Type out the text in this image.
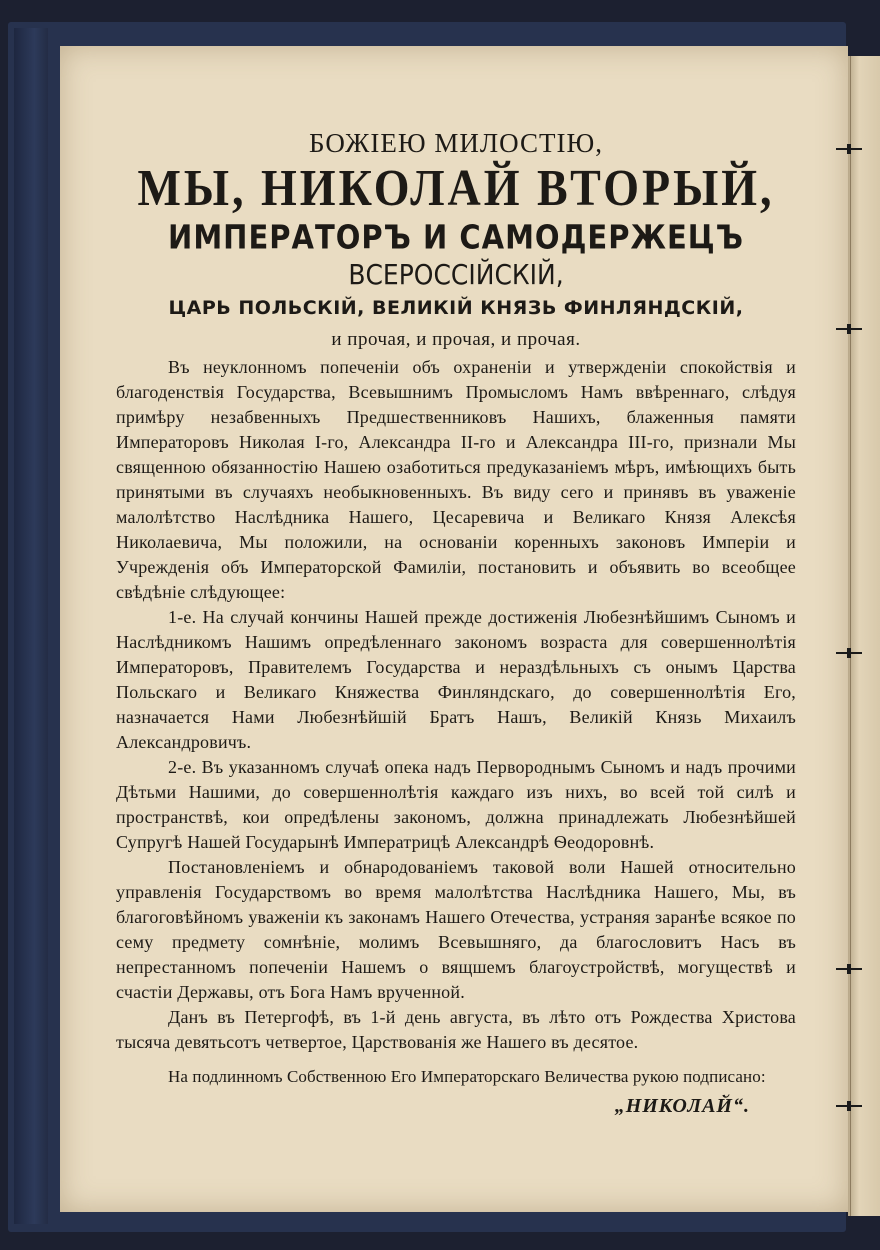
БОЖІЕЮ МИЛОСТІЮ,
МЫ, НИКОЛАЙ ВТОРЫЙ,
ИМПЕРАТОРЪ И САМОДЕРЖЕЦЪ
ВСЕРОССІЙСКІЙ,
ЦАРЬ ПОЛЬСКІЙ, ВЕЛИКІЙ КНЯЗЬ ФИНЛЯНДСКІЙ,
и прочая, и прочая, и прочая.

Въ неуклонномъ попеченіи объ охраненіи и утвержденіи спокойствія и благоденствія Государства, Всевышнимъ Промысломъ Намъ ввѣреннаго, слѣдуя примѣру незабвенныхъ Предшественниковъ Нашихъ, блаженныя памяти Императоровъ Николая I-го, Александра II-го и Александра III-го, признали Мы священною обязанностію Нашею озаботиться предуказаніемъ мѣръ, имѣющихъ быть принятыми въ случаяхъ необыкновенныхъ. Въ виду сего и принявъ въ уваженіе малолѣтство Наслѣдника Нашего, Цесаревича и Великаго Князя Алексѣя Николаевича, Мы положили, на основаніи коренныхъ законовъ Имперіи и Учрежденія объ Императорской Фамиліи, постановить и объявить во всеобщее свѣдѣніе слѣдующее:

1-е. На случай кончины Нашей прежде достиженія Любезнѣйшимъ Сыномъ и Наслѣдникомъ Нашимъ опредѣленнаго закономъ возраста для совершеннолѣтія Императоровъ, Правителемъ Государства и нераздѣльныхъ съ онымъ Царства Польскаго и Великаго Княжества Финляндскаго, до совершеннолѣтія Его, назначается Нами Любезнѣйшій Братъ Нашъ, Великій Князь Михаилъ Александровичъ.

2-е. Въ указанномъ случаѣ опека надъ Первороднымъ Сыномъ и надъ прочими Дѣтьми Нашими, до совершеннолѣтія каждаго изъ нихъ, во всей той силѣ и пространствѣ, кои опредѣлены закономъ, должна принадлежать Любезнѣйшей Супругѣ Нашей Государынѣ Императрицѣ Александрѣ Ѳеодоровнѣ.

Постановленіемъ и обнародованіемъ таковой воли Нашей относительно управленія Государствомъ во время малолѣтства Наслѣдника Нашего, Мы, въ благоговѣйномъ уваженіи къ законамъ Нашего Отечества, устраняя заранѣе всякое по сему предмету сомнѣніе, молимъ Всевышняго, да благословитъ Насъ въ непрестанномъ попеченіи Нашемъ о вящшемъ благоустройствѣ, могуществѣ и счастіи Державы, отъ Бога Намъ врученной.

Данъ въ Петергофѣ, въ 1-й день августа, въ лѣто отъ Рождества Христова тысяча девятьсотъ четвертое, Царствованія же Нашего въ десятое.

На подлинномъ Собственною Его Императорскаго Величества рукою подписано:
„НИКОЛАЙ“.
